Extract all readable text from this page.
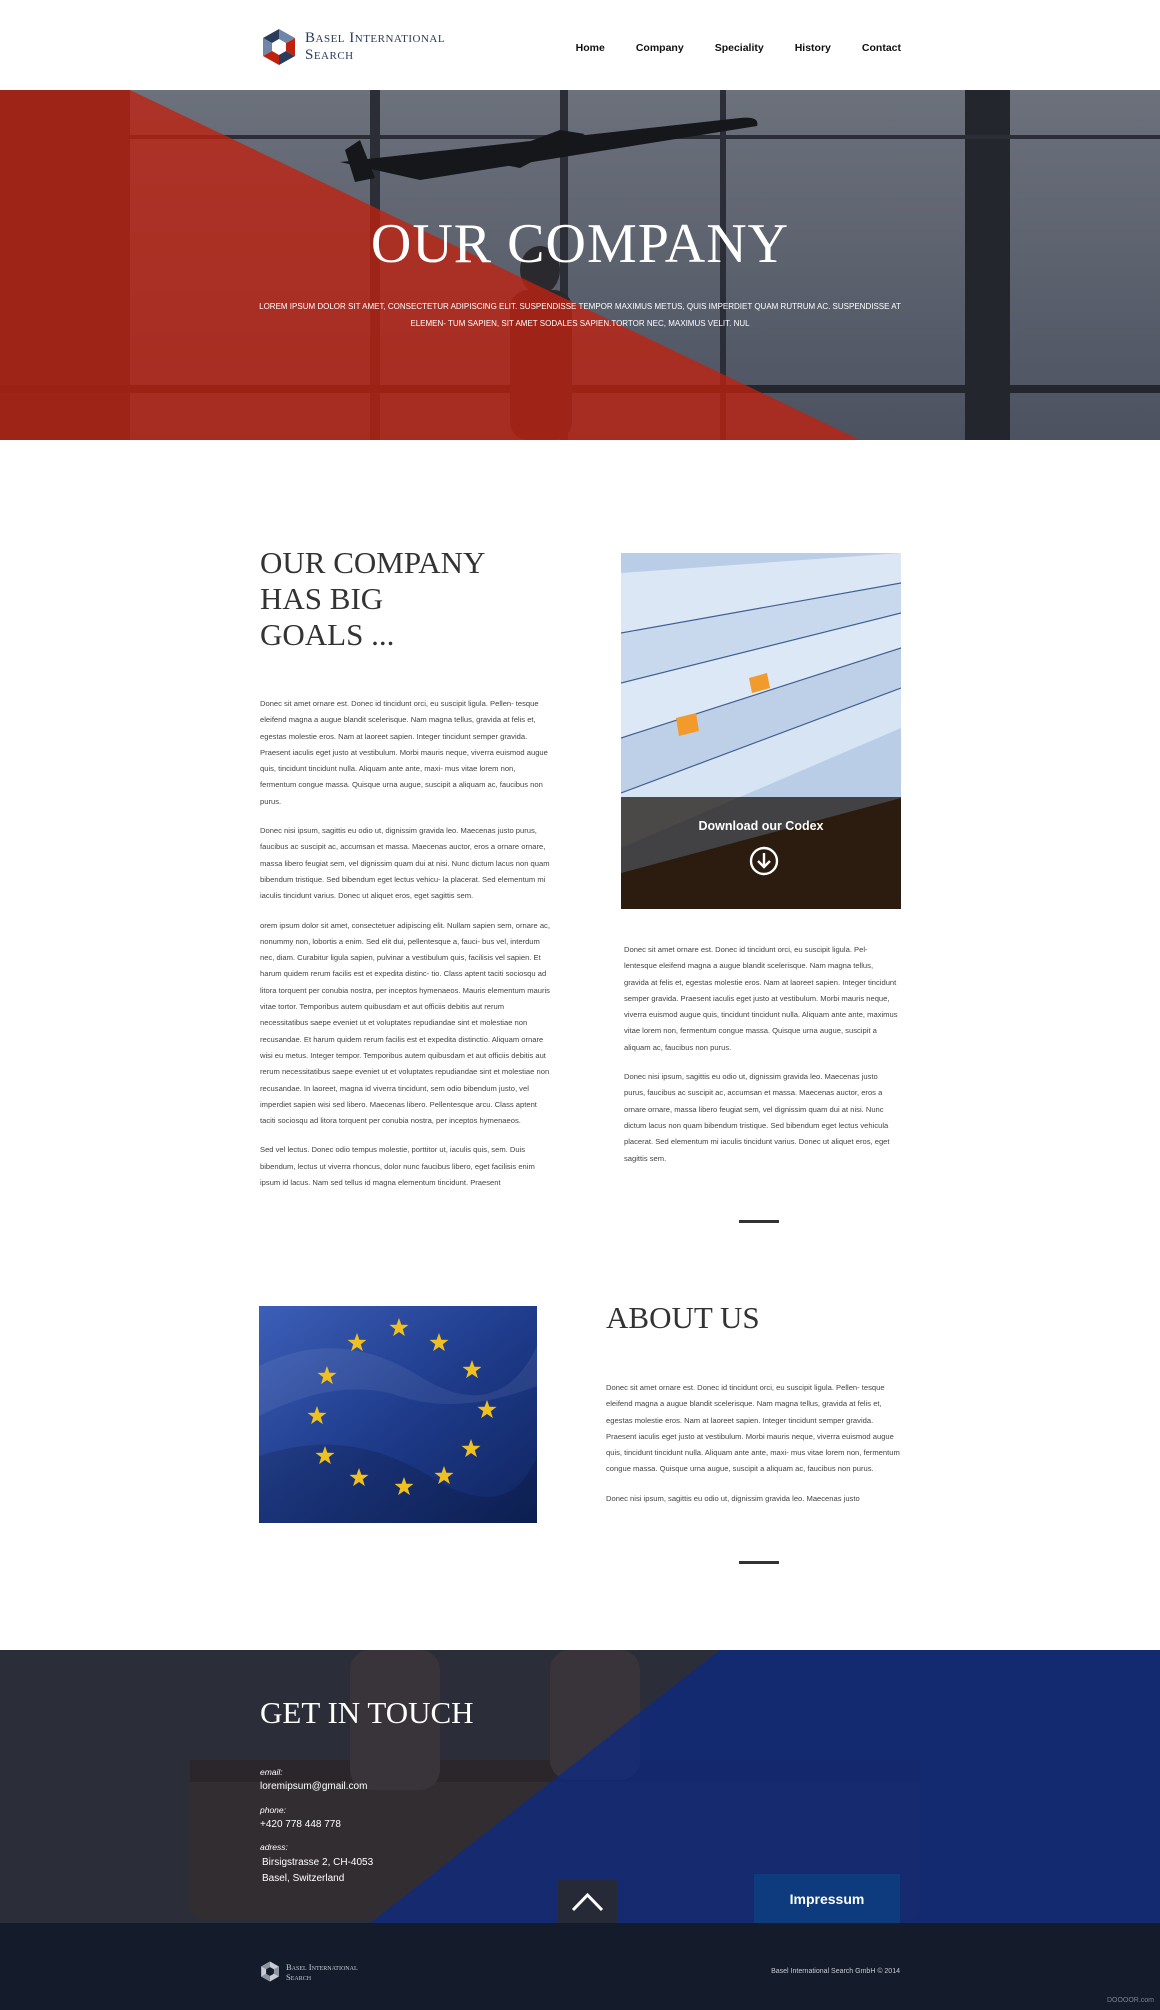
Basel International
Search	Home	Company	Speciality	History	Contact
OUR COMPANY
LOREM IPSUM DOLOR SIT AMET, CONSECTETUR ADIPISCING ELIT. SUSPENDISSE TEMPOR MAXIMUS METUS, QUIS IMPERDIET QUAM RUTRUM AC. SUSPENDISSE AT ELEMEN- TUM SAPIEN, SIT AMET SODALES SAPIEN.TORTOR NEC, MAXIMUS VELIT. NUL
OUR COMPANY
HAS BIG
GOALS ...

Donec sit amet ornare est. Donec id tincidunt orci, eu suscipit ligula. Pellen- tesque eleifend magna a augue blandit scelerisque. Nam magna tellus, gravida at felis et, egestas molestie eros. Nam at laoreet sapien. Integer tincidunt semper gravida. Praesent iaculis eget justo at vestibulum. Morbi mauris neque, viverra euismod augue quis, tincidunt tincidunt nulla. Aliquam ante ante, maxi- mus vitae lorem non, fermentum congue massa. Quisque urna augue, suscipit a aliquam ac, faucibus non purus.

Donec nisi ipsum, sagittis eu odio ut, dignissim gravida leo. Maecenas justo purus, faucibus ac suscipit ac, accumsan et massa. Maecenas auctor, eros a ornare ornare, massa libero feugiat sem, vel dignissim quam dui at nisi. Nunc dictum lacus non quam bibendum tristique. Sed bibendum eget lectus vehicu- la placerat. Sed elementum mi iaculis tincidunt varius. Donec ut aliquet eros, eget sagittis sem.

orem ipsum dolor sit amet, consectetuer adipiscing elit. Nullam sapien sem, ornare ac, nonummy non, lobortis a enim. Sed elit dui, pellentesque a, fauci- bus vel, interdum nec, diam. Curabitur ligula sapien, pulvinar a vestibulum quis, facilisis vel sapien. Et harum quidem rerum facilis est et expedita distinc- tio. Class aptent taciti sociosqu ad litora torquent per conubia nostra, per inceptos hymenaeos. Mauris elementum mauris vitae tortor. Temporibus autem quibusdam et aut officiis debitis aut rerum necessitatibus saepe eveniet ut et voluptates repudiandae sint et molestiae non recusandae. Et harum quidem rerum facilis est et expedita distinctio. Aliquam ornare wisi eu metus. Integer tempor. Temporibus autem quibusdam et aut officiis debitis aut rerum necessitatibus saepe eveniet ut et voluptates repudiandae sint et molestiae non recusandae. In laoreet, magna id viverra tincidunt, sem odio bibendum justo, vel imperdiet sapien wisi sed libero. Maecenas libero. Pellentesque arcu. Class aptent taciti sociosqu ad litora torquent per conubia nostra, per inceptos hymenaeos.

Sed vel lectus. Donec odio tempus molestie, porttitor ut, iaculis quis, sem. Duis bibendum, lectus ut viverra rhoncus, dolor nunc faucibus libero, eget facilisis enim ipsum id lacus. Nam sed tellus id magna elementum tincidunt. Praesent

Download our Codex

Donec sit amet ornare est. Donec id tincidunt orci, eu suscipit ligula. Pel- lentesque eleifend magna a augue blandit scelerisque. Nam magna tellus, gravida at felis et, egestas molestie eros. Nam at laoreet sapien. Integer tincidunt semper gravida. Praesent iaculis eget justo at vestibulum. Morbi mauris neque, viverra euismod augue quis, tincidunt tincidunt nulla. Aliquam ante ante, maximus vitae lorem non, fermentum congue massa. Quisque urna augue, suscipit a aliquam ac, faucibus non purus.

Donec nisi ipsum, sagittis eu odio ut, dignissim gravida leo. Maecenas justo purus, faucibus ac suscipit ac, accumsan et massa. Maecenas auctor, eros a ornare ornare, massa libero feugiat sem, vel dignissim quam dui at nisi. Nunc dictum lacus non quam bibendum tristique. Sed bibendum eget lectus vehicula placerat. Sed elementum mi iaculis tincidunt varius. Donec ut aliquet eros, eget sagittis sem.

ABOUT US

Donec sit amet ornare est. Donec id tincidunt orci, eu suscipit ligula. Pellen- tesque eleifend magna a augue blandit scelerisque. Nam magna tellus, gravida at felis et, egestas molestie eros. Nam at laoreet sapien. Integer tincidunt semper gravida. Praesent iaculis eget justo at vestibulum. Morbi mauris neque, viverra euismod augue quis, tincidunt tincidunt nulla. Aliquam ante ante, maxi- mus vitae lorem non, fermentum congue massa. Quisque urna augue, suscipit a aliquam ac, faucibus non purus.

Donec nisi ipsum, sagittis eu odio ut, dignissim gravida leo. Maecenas justo

GET IN TOUCH
email:
loremipsum@gmail.com
phone:
+420 778 448 778
adress:
Birsigstrasse 2, CH-4053
Basel, Switzerland
Impressum
Basel International
Search	Basel International Search GmbH © 2014
DOOOOR.com
